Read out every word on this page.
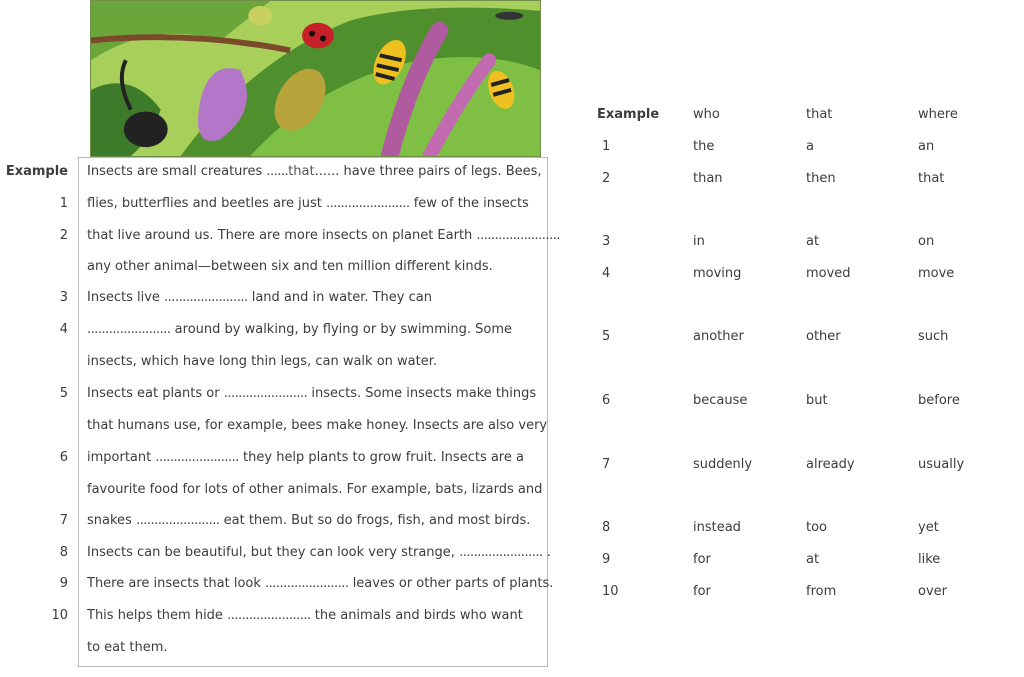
Example Insects are small creatures ......that...... have three pairs of legs. Bees,
1 flies, butterflies and beetles are just ....................... few of the insects
2 that live around us. There are more insects on planet Earth .......................
any other animal—between six and ten million different kinds.
3 Insects live ....................... land and in water. They can
4 ....................... around by walking, by flying or by swimming. Some
insects, which have long thin legs, can walk on water.
5 Insects eat plants or ....................... insects. Some insects make things
that humans use, for example, bees make honey. Insects are also very
6 important ....................... they help plants to grow fruit. Insects are a
favourite food for lots of other animals. For example, bats, lizards and
7 snakes ....................... eat them. But so do frogs, fish, and most birds.
8 Insects can be beautiful, but they can look very strange, ....................... .
9 There are insects that look ....................... leaves or other parts of plants.
10 This helps them hide ....................... the animals and birds who want
to eat them.
Example	who	that	where
1	the	a	an
2	than	then	that
3	in	at	on
4	moving	moved	move
5	another	other	such
6	because	but	before
7	suddenly	already	usually
8	instead	too	yet
9	for	at	like
10	for	from	over
